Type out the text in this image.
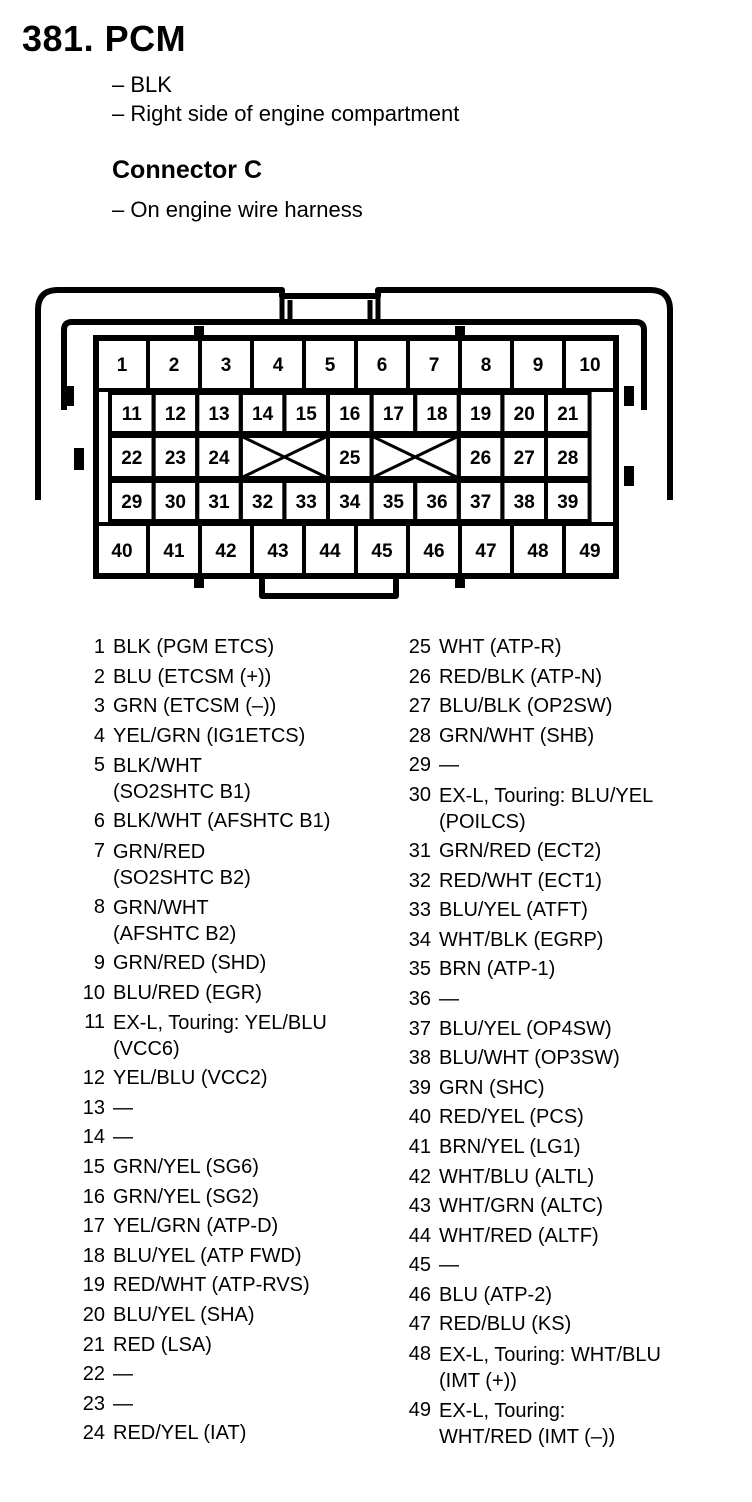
381. PCM
– BLK
– Right side of engine compartment
Connector C
– On engine wire harness
1 2 3 4 5 6 7 8 9 10
11 12 13 14 15 16 17 18 19 20 21
22 23 24	25	26 27 28
29 30 31 32 33 34 35 36 37 38 39
40 41 42 43 44 45 46 47 48 49
1 BLK (PGM ETCS)
2 BLU (ETCSM (+))
3 GRN (ETCSM (–))
4 YEL/GRN (IG1ETCS)
5 BLK/WHT
(SO2SHTC B1)
6 BLK/WHT (AFSHTC B1)
7 GRN/RED
(SO2SHTC B2)
8 GRN/WHT
(AFSHTC B2)
9 GRN/RED (SHD)
10 BLU/RED (EGR)
11 EX-L, Touring: YEL/BLU
(VCC6)
12 YEL/BLU (VCC2)
13 —
14 —
15 GRN/YEL (SG6)
16 GRN/YEL (SG2)
17 YEL/GRN (ATP-D)
18 BLU/YEL (ATP FWD)
19 RED/WHT (ATP-RVS)
20 BLU/YEL (SHA)
21 RED (LSA)
22 —
23 —
24 RED/YEL (IAT)
25 WHT (ATP-R)
26 RED/BLK (ATP-N)
27 BLU/BLK (OP2SW)
28 GRN/WHT (SHB)
29 —
30 EX-L, Touring: BLU/YEL
(POILCS)
31 GRN/RED (ECT2)
32 RED/WHT (ECT1)
33 BLU/YEL (ATFT)
34 WHT/BLK (EGRP)
35 BRN (ATP-1)
36 —
37 BLU/YEL (OP4SW)
38 BLU/WHT (OP3SW)
39 GRN (SHC)
40 RED/YEL (PCS)
41 BRN/YEL (LG1)
42 WHT/BLU (ALTL)
43 WHT/GRN (ALTC)
44 WHT/RED (ALTF)
45 —
46 BLU (ATP-2)
47 RED/BLU (KS)
48 EX-L, Touring: WHT/BLU
(IMT (+))
49 EX-L, Touring:
WHT/RED (IMT (–))
